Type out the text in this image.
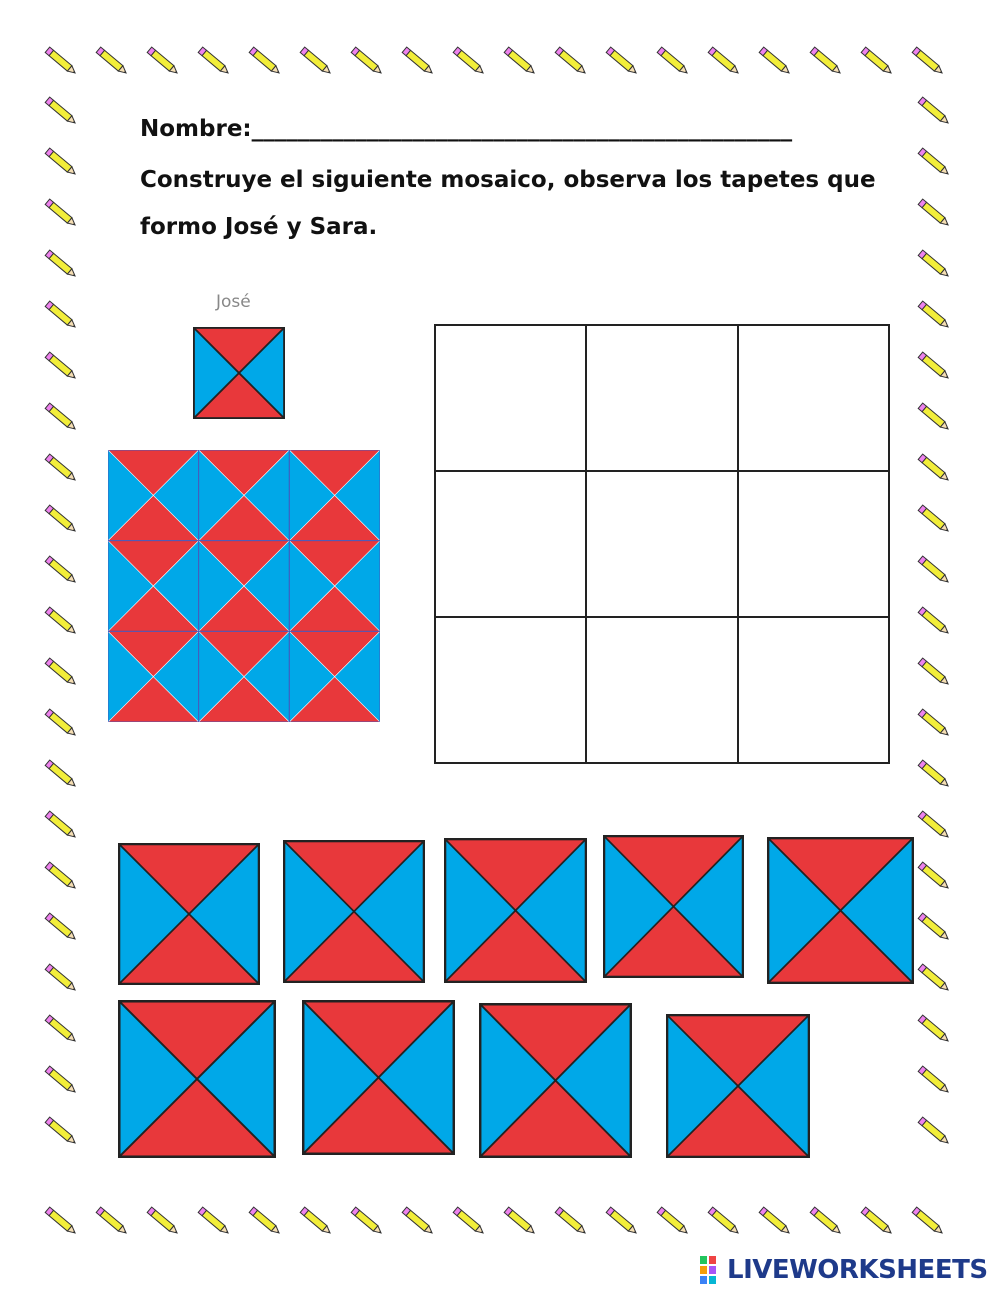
Nombre:_______________________________________________
Construye el siguiente mosaico, observa los tapetes que
formo José y Sara.
José
LIVEWORKSHEETS
